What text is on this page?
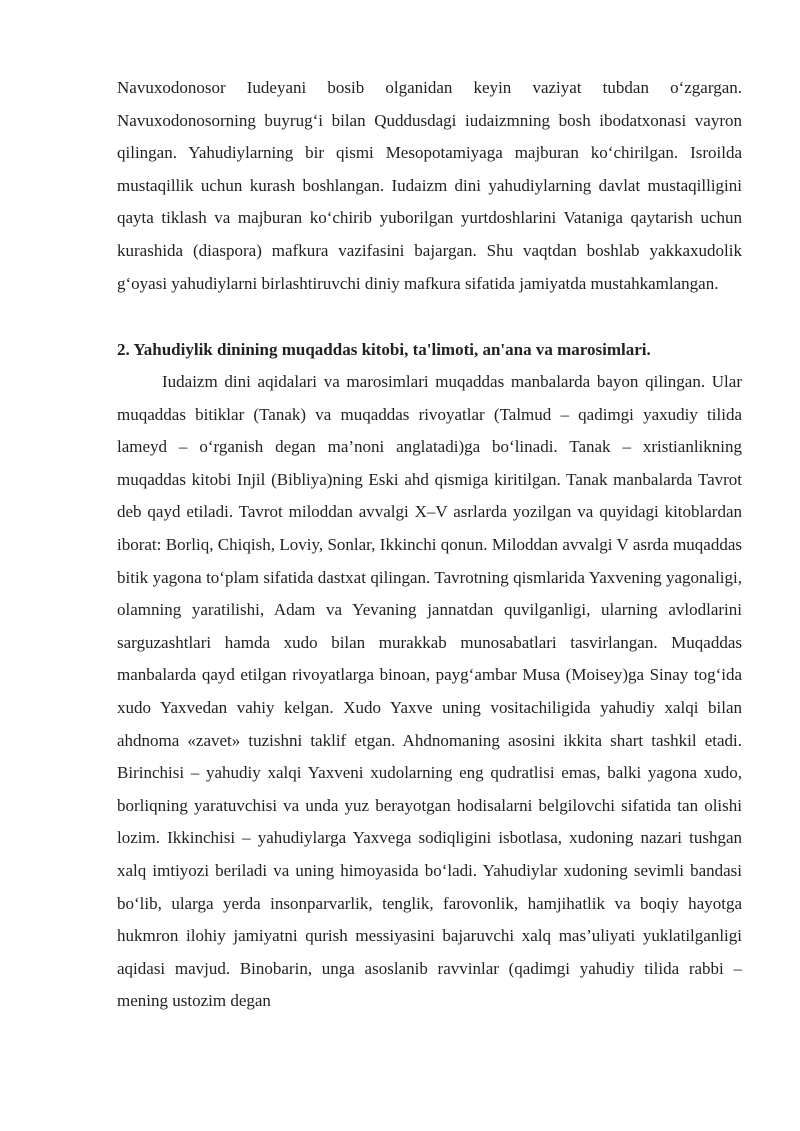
Navuxodonosor Iudeyani bosib olganidan keyin vaziyat tubdan o‘zgargan. Navuxodonosorning buyrug‘i bilan Quddusdagi iudaizmning bosh ibodatxonasi vayron qilingan. Yahudiylarning bir qismi Mesopotamiyaga majburan ko‘chirilgan. Isroilda mustaqillik uchun kurash boshlangan. Iudaizm dini yahudiylarning davlat mustaqilligini qayta tiklash va majburan ko‘chirib yuborilgan yurtdoshlarini Vataniga qaytarish uchun kurashida (diaspora) mafkura vazifasini bajargan. Shu vaqtdan boshlab yakkaxudolik g‘oyasi yahudiylarni birlashtiruvchi diniy mafkura sifatida jamiyatda mustahkamlangan.

2. Yahudiylik dinining muqaddas kitobi, ta'limoti, an'ana va marosimlari.

Iudaizm dini aqidalari va marosimlari muqaddas manbalarda bayon qilingan. Ular muqaddas bitiklar (Tanak) va muqaddas rivoyatlar (Talmud – qadimgi yaxudiy tilida lameyd – o‘rganish degan ma’noni anglatadi)ga bo‘linadi. Tanak – xristianlikning muqaddas kitobi Injil (Bibliya)ning Eski ahd qismiga kiritilgan. Tanak manbalarda Tavrot deb qayd etiladi. Tavrot miloddan avvalgi X–V asrlarda yozilgan va quyidagi kitoblardan iborat: Borliq, Chiqish, Loviy, Sonlar, Ikkinchi qonun. Miloddan avvalgi V asrda muqaddas bitik yagona to‘plam sifatida dastxat qilingan. Tavrotning qismlarida Yaxvening yagonaligi, olamning yaratilishi, Adam va Yevaning jannatdan quvilganligi, ularning avlodlarini sarguzashtlari hamda xudo bilan murakkab munosabatlari tasvirlangan. Muqaddas manbalarda qayd etilgan rivoyatlarga binoan, payg‘ambar Musa (Moisey)ga Sinay tog‘ida xudo Yaxvedan vahiy kelgan. Xudo Yaxve uning vositachiligida yahudiy xalqi bilan ahdnoma «zavet» tuzishni taklif etgan. Ahdnomaning asosini ikkita shart tashkil etadi. Birinchisi – yahudiy xalqi Yaxveni xudolarning eng qudratlisi emas, balki yagona xudo, borliqning yaratuvchisi va unda yuz berayotgan hodisalarni belgilovchi sifatida tan olishi lozim. Ikkinchisi – yahudiylarga Yaxvega sodiqligini isbotlasa, xudoning nazari tushgan xalq imtiyozi beriladi va uning himoyasida bo‘ladi. Yahudiylar xudoning sevimli bandasi bo‘lib, ularga yerda insonparvarlik, tenglik, farovonlik, hamjihatlik va boqiy hayotga hukmron ilohiy jamiyatni qurish messiyasini bajaruvchi xalq mas’uliyati yuklatilganligi aqidasi mavjud. Binobarin, unga asoslanib ravvinlar (qadimgi yahudiy tilida rabbi – mening ustozim degan
